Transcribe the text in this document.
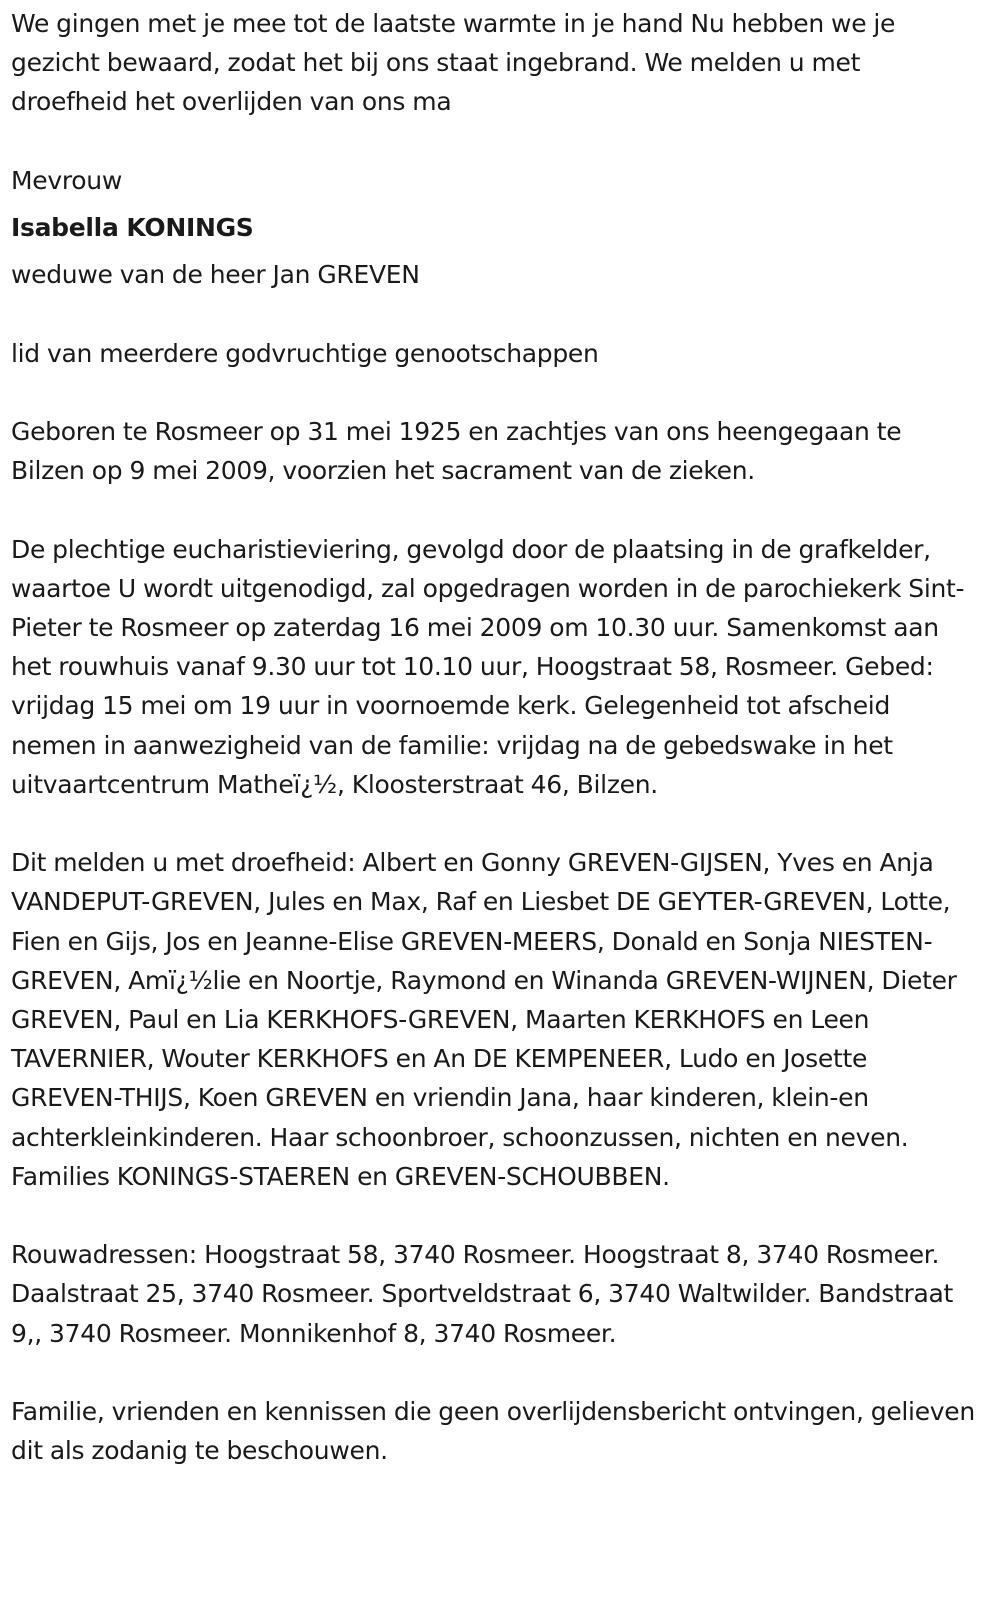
We gingen met je mee tot de laatste warmte in je hand Nu hebben we je gezicht bewaard, zodat het bij ons staat ingebrand. We melden u met droefheid het overlijden van ons ma

Mevrouw

Isabella KONINGS

weduwe van de heer Jan GREVEN

lid van meerdere godvruchtige genootschappen

Geboren te Rosmeer op 31 mei 1925 en zachtjes van ons heengegaan te Bilzen op 9 mei 2009, voorzien het sacrament van de zieken.

De plechtige eucharistieviering, gevolgd door de plaatsing in de grafkelder, waartoe U wordt uitgenodigd, zal opgedragen worden in de parochiekerk Sint-Pieter te Rosmeer op zaterdag 16 mei 2009 om 10.30 uur. Samenkomst aan het rouwhuis vanaf 9.30 uur tot 10.10 uur, Hoogstraat 58, Rosmeer. Gebed: vrijdag 15 mei om 19 uur in voornoemde kerk. Gelegenheid tot afscheid nemen in aanwezigheid van de familie: vrijdag na de gebedswake in het uitvaartcentrum Matheï¿½, Kloosterstraat 46, Bilzen.

Dit melden u met droefheid: Albert en Gonny GREVEN-GIJSEN, Yves en Anja VANDEPUT-GREVEN, Jules en Max, Raf en Liesbet DE GEYTER-GREVEN, Lotte, Fien en Gijs, Jos en Jeanne-Elise GREVEN-MEERS, Donald en Sonja NIESTEN-GREVEN, Amï¿½lie en Noortje, Raymond en Winanda GREVEN-WIJNEN, Dieter GREVEN, Paul en Lia KERKHOFS-GREVEN, Maarten KERKHOFS en Leen TAVERNIER, Wouter KERKHOFS en An DE KEMPENEER, Ludo en Josette GREVEN-THIJS, Koen GREVEN en vriendin Jana, haar kinderen, klein-en achterkleinkinderen. Haar schoonbroer, schoonzussen, nichten en neven. Families KONINGS-STAEREN en GREVEN-SCHOUBBEN.

Rouwadressen: Hoogstraat 58, 3740 Rosmeer. Hoogstraat 8, 3740 Rosmeer. Daalstraat 25, 3740 Rosmeer. Sportveldstraat 6, 3740 Waltwilder. Bandstraat 9,, 3740 Rosmeer. Monnikenhof 8, 3740 Rosmeer.

Familie, vrienden en kennissen die geen overlijdensbericht ontvingen, gelieven dit als zodanig te beschouwen.
